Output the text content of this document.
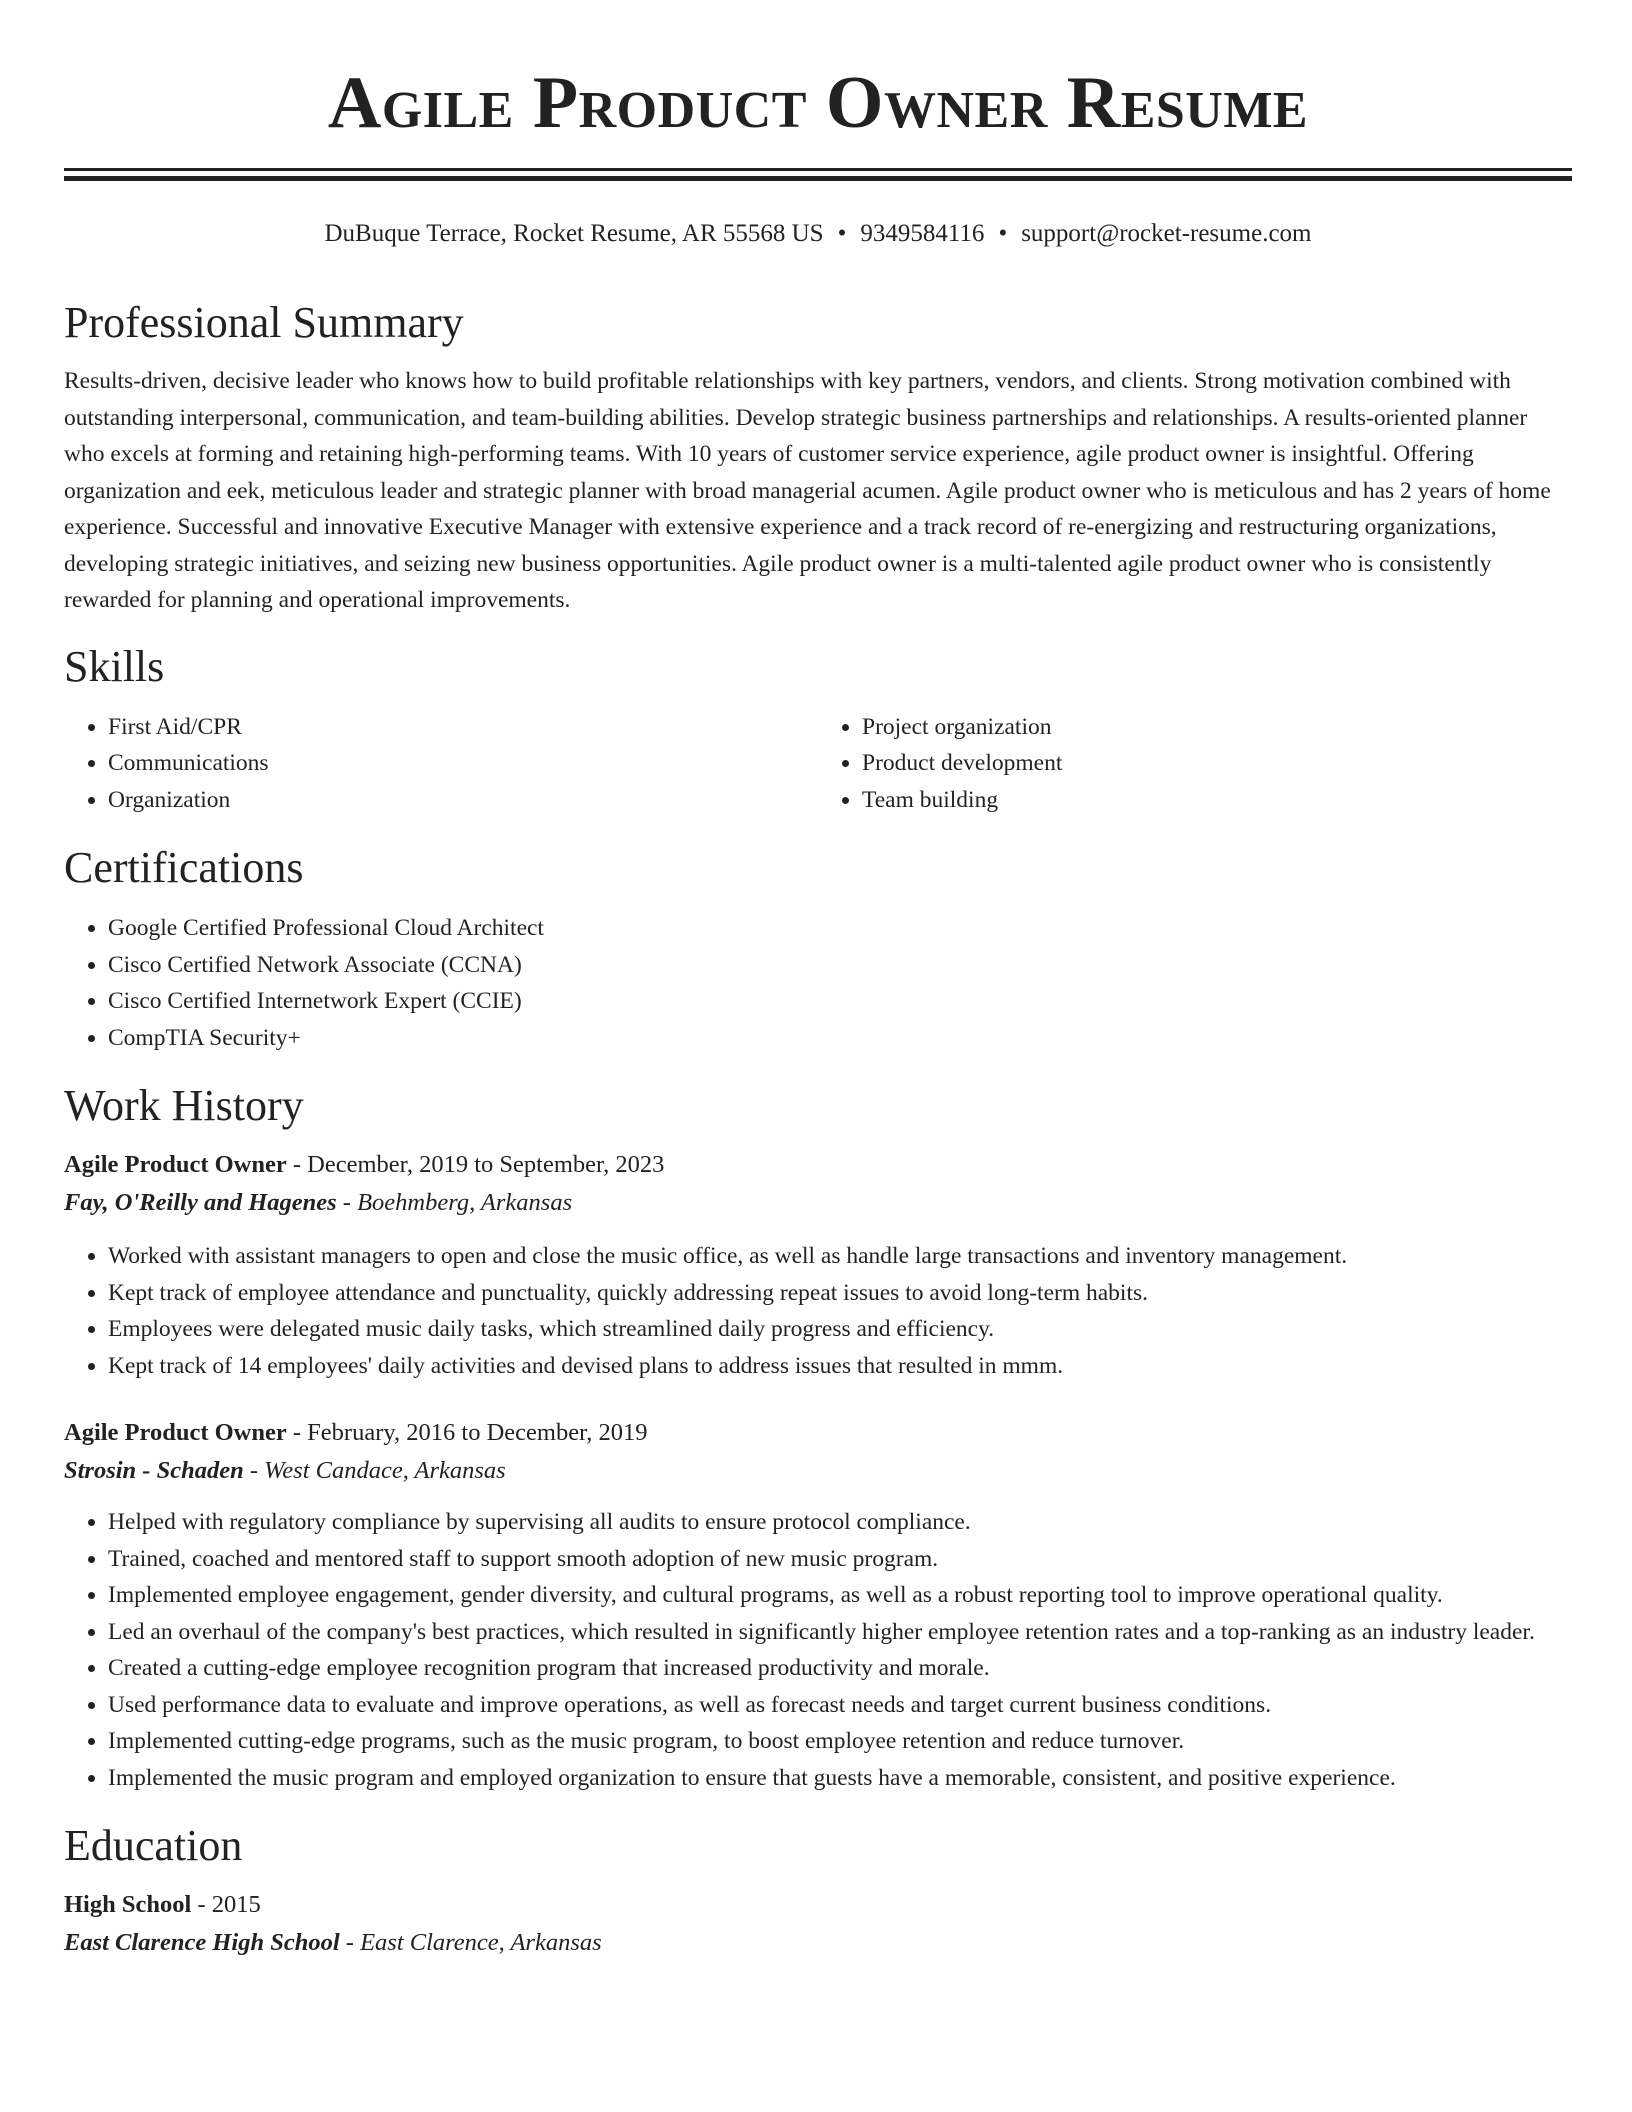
Agile Product Owner Resume
DuBuque Terrace, Rocket Resume, AR 55568 US • 9349584116 • support@rocket-resume.com
Professional Summary

Results-driven, decisive leader who knows how to build profitable relationships with key partners, vendors, and clients. Strong motivation combined with outstanding interpersonal, communication, and team-building abilities. Develop strategic business partnerships and relationships. A results-oriented planner who excels at forming and retaining high-performing teams. With 10 years of customer service experience, agile product owner is insightful. Offering organization and eek, meticulous leader and strategic planner with broad managerial acumen. Agile product owner who is meticulous and has 2 years of home experience. Successful and innovative Executive Manager with extensive experience and a track record of re-energizing and restructuring organizations, developing strategic initiatives, and seizing new business opportunities. Agile product owner is a multi-talented agile product owner who is consistently rewarded for planning and operational improvements.

Skills
• First Aid/CPR
• Communications
• Organization
• Project organization
• Product development
• Team building
Certifications
• Google Certified Professional Cloud Architect
• Cisco Certified Network Associate (CCNA)
• Cisco Certified Internetwork Expert (CCIE)
• CompTIA Security+
Work History
Agile Product Owner - December, 2019 to September, 2023
Fay, O'Reilly and Hagenes - Boehmberg, Arkansas
• Worked with assistant managers to open and close the music office, as well as handle large transactions and inventory management.
• Kept track of employee attendance and punctuality, quickly addressing repeat issues to avoid long-term habits.
• Employees were delegated music daily tasks, which streamlined daily progress and efficiency.
• Kept track of 14 employees' daily activities and devised plans to address issues that resulted in mmm.
Agile Product Owner - February, 2016 to December, 2019
Strosin - Schaden - West Candace, Arkansas
• Helped with regulatory compliance by supervising all audits to ensure protocol compliance.
• Trained, coached and mentored staff to support smooth adoption of new music program.
• Implemented employee engagement, gender diversity, and cultural programs, as well as a robust reporting tool to improve operational quality.
• Led an overhaul of the company's best practices, which resulted in significantly higher employee retention rates and a top-ranking as an industry leader.
• Created a cutting-edge employee recognition program that increased productivity and morale.
• Used performance data to evaluate and improve operations, as well as forecast needs and target current business conditions.
• Implemented cutting-edge programs, such as the music program, to boost employee retention and reduce turnover.
• Implemented the music program and employed organization to ensure that guests have a memorable, consistent, and positive experience.
Education
High School - 2015
East Clarence High School - East Clarence, Arkansas
